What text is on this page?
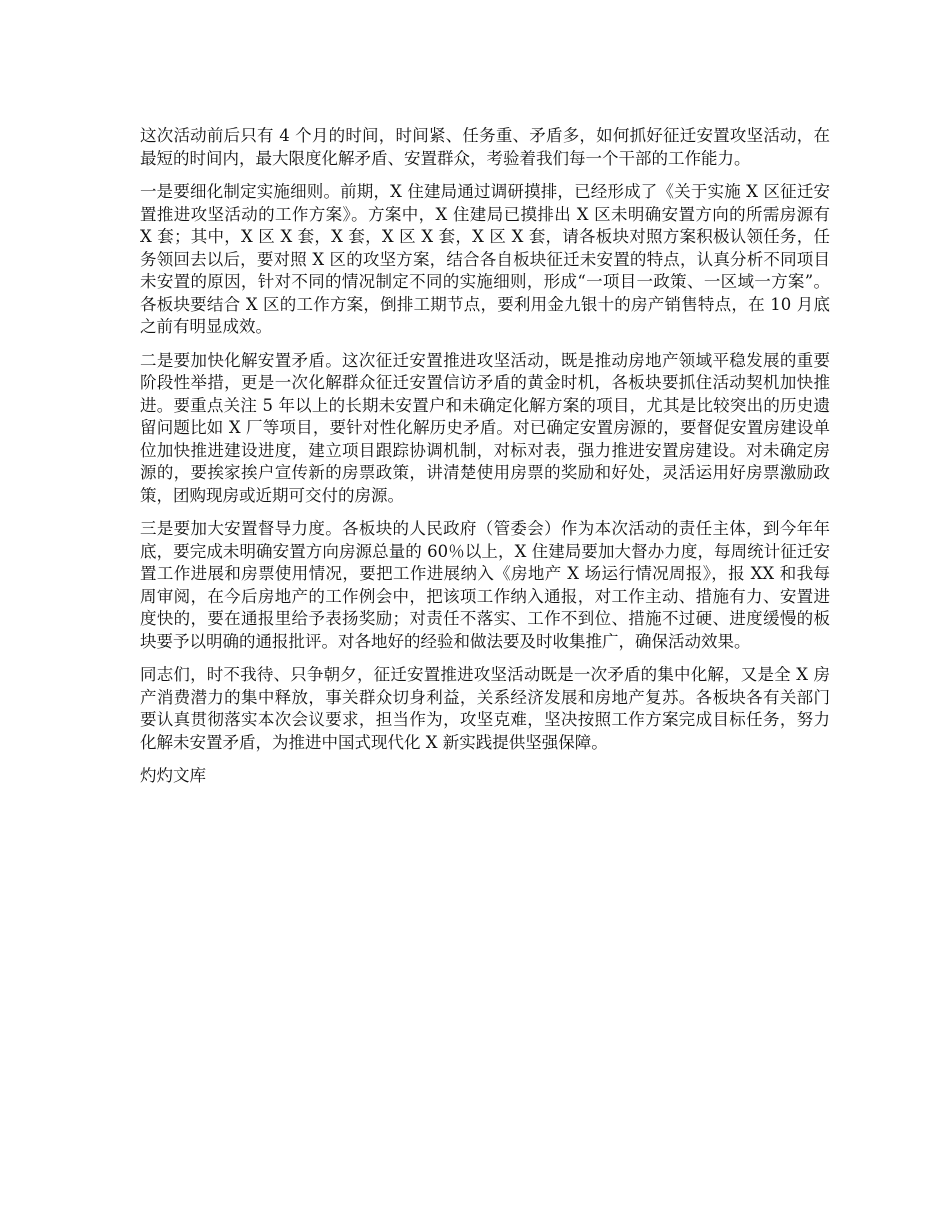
这次活动前后只有 4 个月的时间，时间紧、任务重、矛盾多，如何抓好征迁安置攻坚活动，在最短的时间内，最大限度化解矛盾、安置群众，考验着我们每一个干部的工作能力。

一是要细化制定实施细则。前期，X 住建局通过调研摸排，已经形成了《关于实施 X 区征迁安置推进攻坚活动的工作方案》。方案中，X 住建局已摸排出 X 区未明确安置方向的所需房源有 X 套；其中，X 区 X 套，X 套，X 区 X 套，X 区 X 套，请各板块对照方案积极认领任务，任务领回去以后，要对照 X 区的攻坚方案，结合各自板块征迁未安置的特点，认真分析不同项目未安置的原因，针对不同的情况制定不同的实施细则，形成“一项目一政策、一区域一方案”。各板块要结合 X 区的工作方案，倒排工期节点，要利用金九银十的房产销售特点，在 10 月底之前有明显成效。

二是要加快化解安置矛盾。这次征迁安置推进攻坚活动，既是推动房地产领域平稳发展的重要阶段性举措，更是一次化解群众征迁安置信访矛盾的黄金时机，各板块要抓住活动契机加快推进。要重点关注 5 年以上的长期未安置户和未确定化解方案的项目，尤其是比较突出的历史遗留问题比如 X 厂等项目，要针对性化解历史矛盾。对已确定安置房源的，要督促安置房建设单位加快推进建设进度，建立项目跟踪协调机制，对标对表，强力推进安置房建设。对未确定房源的，要挨家挨户宣传新的房票政策，讲清楚使用房票的奖励和好处，灵活运用好房票激励政策，团购现房或近期可交付的房源。

三是要加大安置督导力度。各板块的人民政府（管委会）作为本次活动的责任主体，到今年年底，要完成未明确安置方向房源总量的 60％以上，X 住建局要加大督办力度，每周统计征迁安置工作进展和房票使用情况，要把工作进展纳入《房地产 X 场运行情况周报》，报 XX 和我每周审阅，在今后房地产的工作例会中，把该项工作纳入通报，对工作主动、措施有力、安置进度快的，要在通报里给予表扬奖励；对责任不落实、工作不到位、措施不过硬、进度缓慢的板块要予以明确的通报批评。对各地好的经验和做法要及时收集推广，确保活动效果。

同志们，时不我待、只争朝夕，征迁安置推进攻坚活动既是一次矛盾的集中化解，又是全 X 房产消费潜力的集中释放，事关群众切身利益，关系经济发展和房地产复苏。各板块各有关部门要认真贯彻落实本次会议要求，担当作为，攻坚克难，坚决按照工作方案完成目标任务，努力化解未安置矛盾，为推进中国式现代化 X 新实践提供坚强保障。

灼灼文库
